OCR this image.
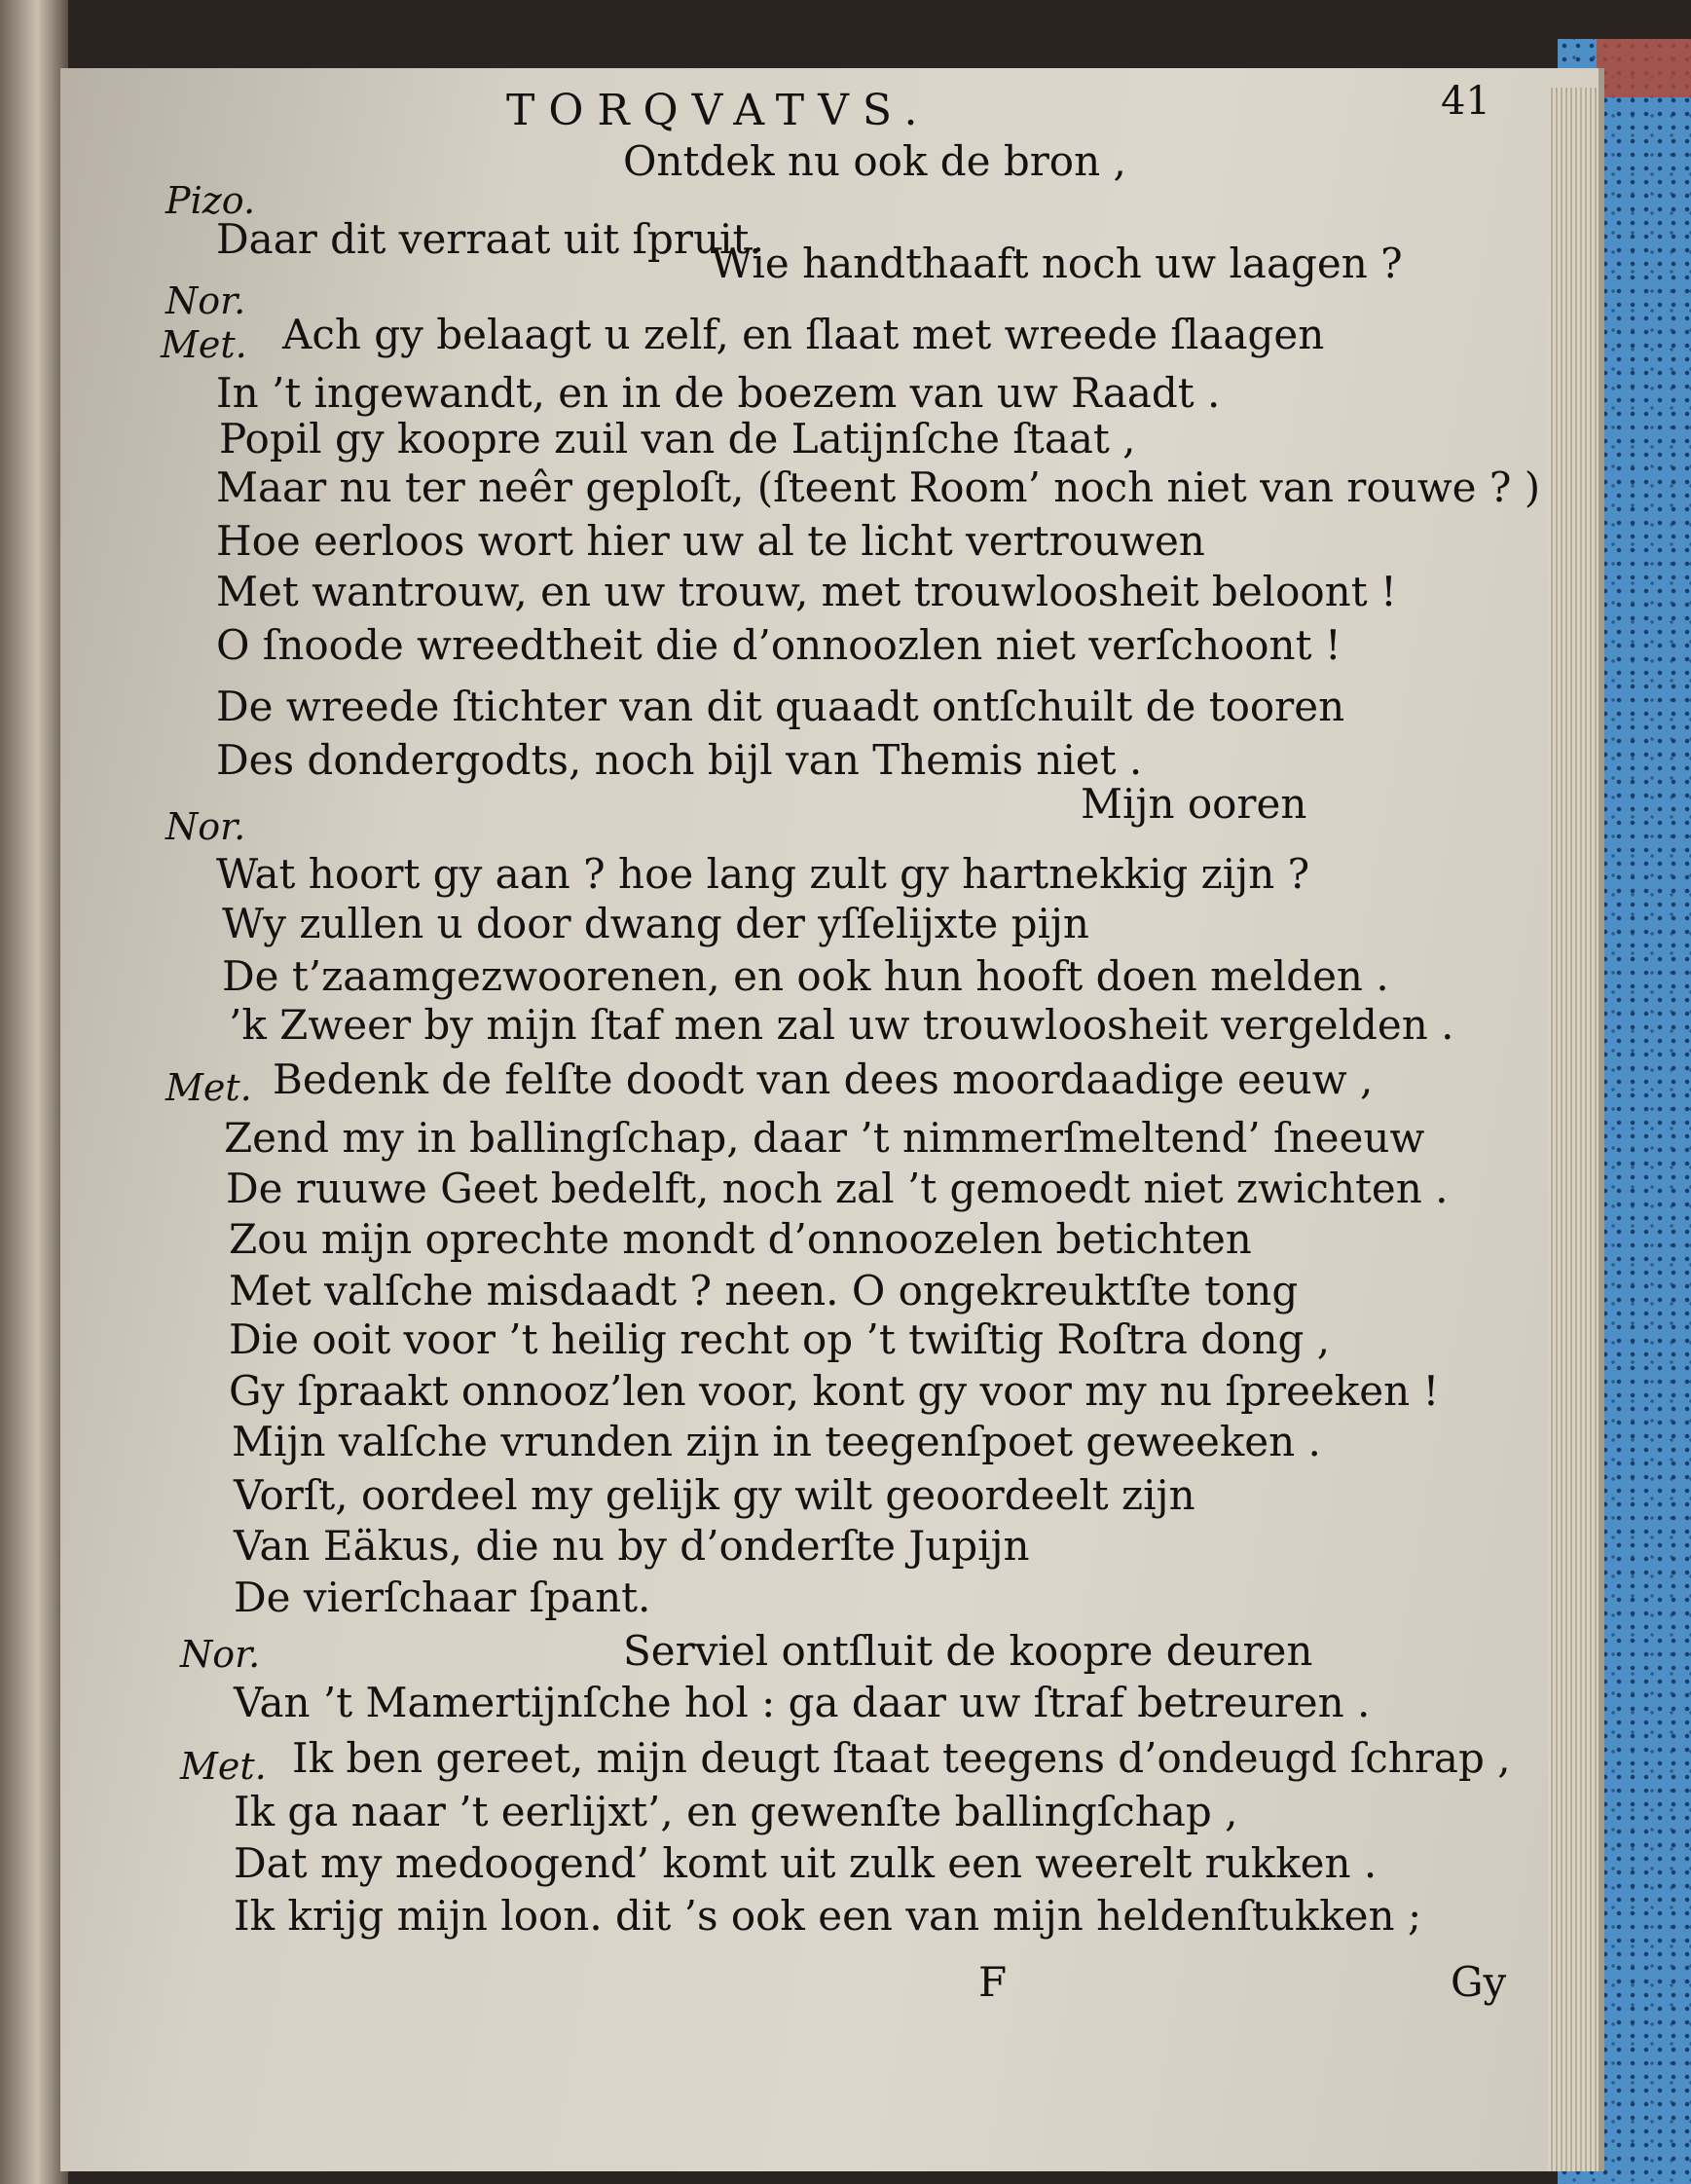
TORQVATVS.	41
Ontdek nu ook de bron ,
Pizo.
Daar dit verraat uit ſpruit.
Wie handthaaft noch uw laagen ?
Nor.
Met. Ach gy belaagt u zelf, en ſlaat met wreede ſlaagen
In ’t ingewandt, en in de boezem van uw Raadt .
Popil gy koopre zuil van de Latijnſche ſtaat ,
Maar nu ter neêr geploſt, (ſteent Room’ noch niet van rouwe ? )
Hoe eerloos wort hier uw al te licht vertrouwen
Met wantrouw, en uw trouw, met trouwloosheit beloont !
O ſnoode wreedtheit die d’onnoozlen niet verſchoont !
De wreede ſtichter van dit quaadt ontſchuilt de tooren
Des dondergodts, noch bijl van Themis niet .
Mijn ooren
Nor.
Wat hoort gy aan ? hoe lang zult gy hartnekkig zijn ?
Wy zullen u door dwang der yſſelijxte pijn
De t’zaamgezwoorenen, en ook hun hooft doen melden .
’k Zweer by mijn ſtaf men zal uw trouwloosheit vergelden .
Met. Bedenk de felſte doodt van dees moordaadige eeuw ,
Zend my in ballingſchap, daar ’t nimmerſmeltend’ ſneeuw
De ruuwe Geet bedelft, noch zal ’t gemoedt niet zwichten .
Zou mijn oprechte mondt d’onnoozelen betichten
Met valſche misdaadt ? neen. O ongekreuktſte tong
Die ooit voor ’t heilig recht op ’t twiſtig Roſtra dong ,
Gy ſpraakt onnooz’len voor, kont gy voor my nu ſpreeken !
Mijn valſche vrunden zijn in teegenſpoet geweeken .
Vorſt, oordeel my gelijk gy wilt geoordeelt zijn
Van Eäkus, die nu by d’onderſte Jupijn
De vierſchaar ſpant.
Nor.	Serviel ontſluit de koopre deuren
Van ’t Mamertijnſche hol : ga daar uw ſtraf betreuren .
Met. Ik ben gereet, mijn deugt ſtaat teegens d’ondeugd ſchrap ,
Ik ga naar ’t eerlijxt’, en gewenſte ballingſchap ,
Dat my medoogend’ komt uit zulk een weerelt rukken .
Ik krijg mijn loon. dit ’s ook een van mijn heldenſtukken ;
F	Gy
